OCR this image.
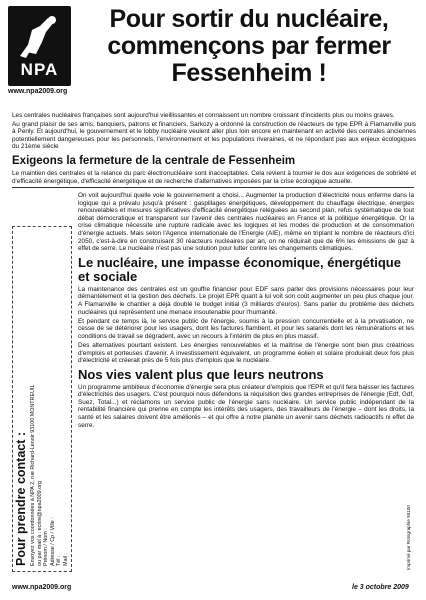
NPA
www.npa2009.org
Pour sortir du nucléaire, commençons par fermer Fessenheim !

Les centrales nucléaires françaises sont aujourd'hui vieillissantes et connaissent un nombre croissant d'incidents plus ou moins graves.

Au grand plaisir de ses amis, banquiers, patrons et financiers, Sarkozy a ordonné la construction de réacteurs de type EPR à Flamanville puis à Penly. Et aujourd'hui, le gouvernement et le lobby nucléaire veulent aller plus loin encore en maintenant en activité des centrales anciennes potentiellement dangereuses pour les personnels, l'environnement et les populations riveraines, et ne répondant pas aux enjeux écologiques du 21ème siècle

Exigeons la fermeture de la centrale de Fessenheim
Le maintien des centrales et la relance du parc électronucléaire sont inacceptables. Cela revient à tourner le dos aux exigences de sobriété et d'efficacité énergétique, d'efficacité énergétique et de recherche d'alternatives imposées par la crise écologique actuelle.
Pour prendre contact : Envoyez vos coordonnées à NPA 2, rue Richard-Lenoir 93100 MONTREUIL ou par mail à : ecrire@npa2009.org Prénom / Nom : Adresse / Cp / Ville : Tél : Mail :

On voit aujourd'hui quelle voie le gouvernement a choisi... Augmenter la production d'électricité nous enferme dans la logique qui a prévalu jusqu'à présent : gaspillages énergétiques, développement du chauffage électrique, énergies renouvelables et mesures significatives d'efficacité énergétique reléguées au second plan, refus systématique de tout débat démocratique et transparent sur l'avenir des centrales nucléaires en France et la politique énergétique. Or la crise climatique nécessite une rupture radicale avec les logiques et les modes de production et de consommation d'énergie actuels. Mais selon l'Agence internationale de l'Energie (AIE), même en triplant le nombre de réacteurs d'ici 2050, c'est-à-dire en construisant 30 réacteurs nucléaires par an, on ne réduirait que de 6% les émissions de gaz à effet de serre. Le nucléaire n'est pas une solution pour lutter contre les changements climatiques.

Le nucléaire, une impasse économique, énergétique et sociale

La maintenance des centrales est un gouffre financier pour EDF sans parler des provisions nécessaires pour leur démantèlement et la gestion des déchets. Le projet EPR quant à lui voit son coût augmenter un peu plus chaque jour. A Flamanville le chantier a déjà doublé le budget initial (3 milliards d'euros). Sans parler du problème des déchets nucléaires qui représentent une menace insoutenable pour l'humanité.

Et pendant ce temps là, le service public de l'énergie, soumis à la pression concurrentielle et à la privatisation, ne cesse de se détériorer pour les usagers, dont les factures flambent, et pour les salariés dont les rémunérations et les conditions de travail se dégradent, avec un recours à l'intérim de plus en plus massif.

Des alternatives pourtant existent. Les énergies renouvelables et la maîtrise de l'énergie sont bien plus créatrices d'emplois et porteuses d'avenir. A investissement équivalent, un programme éolien et solaire produirait deux fois plus d'électricité et créerait près de 5 fois plus d'emplois que le nucléaire.

Nos vies valent plus que leurs neutrons

Un programme ambitieux d'économie d'énergie sera plus créateur d'emplois que l'EPR et qu'il fera baisser les factures d'électricités des usagers. C'est pourquoi nous défendons la réquisition des grandes entreprises de l'énergie (Edf, Gdf, Suez, Total...) et réclamons un service public de l'énergie sans nucléaire. Un service public indépendant de la rentabilité financière qui prenne en compte les intérêts des usagers, des travailleurs de l'énergie – dont les droits, la santé et les salaires doivent être améliorés – et qui offre à notre planète un avenir sans déchets radioactifs ni effet de serre.

Imprimé par Rotographie 93100
www.npa2009.org	le 3 octobre 2009
